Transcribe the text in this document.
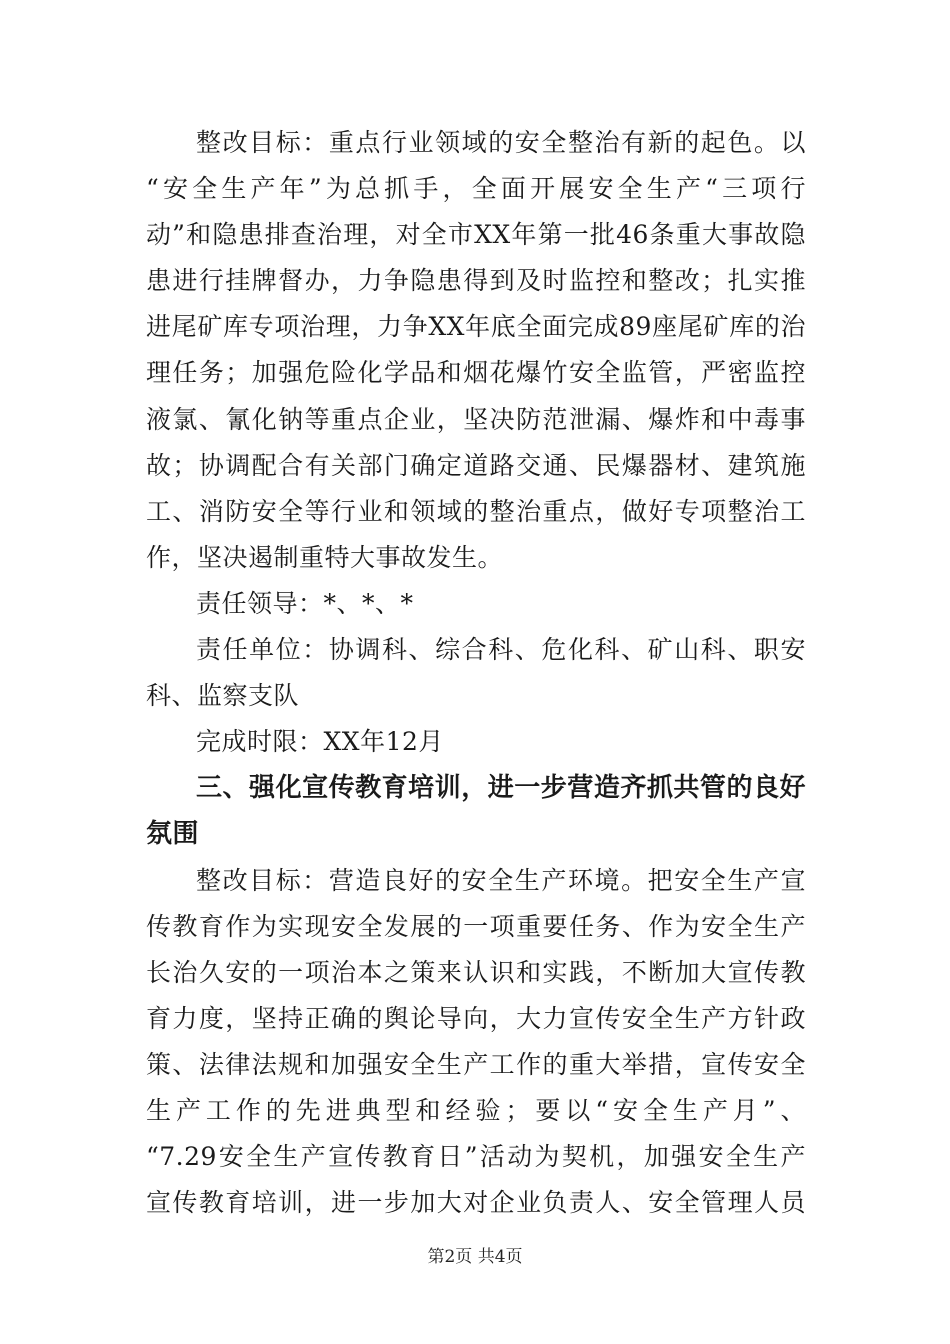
整改目标：重点行业领域的安全整治有新的起色。以
“安全生产年”为总抓手，全面开展安全生产“三项行
动”和隐患排查治理，对全市XX年第一批46条重大事故隐
患进行挂牌督办，力争隐患得到及时监控和整改；扎实推
进尾矿库专项治理，力争XX年底全面完成89座尾矿库的治
理任务；加强危险化学品和烟花爆竹安全监管，严密监控
液氯、氰化钠等重点企业，坚决防范泄漏、爆炸和中毒事
故；协调配合有关部门确定道路交通、民爆器材、建筑施
工、消防安全等行业和领域的整治重点，做好专项整治工
作，坚决遏制重特大事故发生。
责任领导：*、*、*
责任单位：协调科、综合科、危化科、矿山科、职安
科、监察支队
完成时限：XX年12月
三、强化宣传教育培训，进一步营造齐抓共管的良好
氛围
整改目标：营造良好的安全生产环境。把安全生产宣
传教育作为实现安全发展的一项重要任务、作为安全生产
长治久安的一项治本之策来认识和实践，不断加大宣传教
育力度，坚持正确的舆论导向，大力宣传安全生产方针政
策、法律法规和加强安全生产工作的重大举措，宣传安全
生产工作的先进典型和经验；要以“安全生产月”、
“7.29安全生产宣传教育日”活动为契机，加强安全生产
宣传教育培训，进一步加大对企业负责人、安全管理人员
第2页 共4页
